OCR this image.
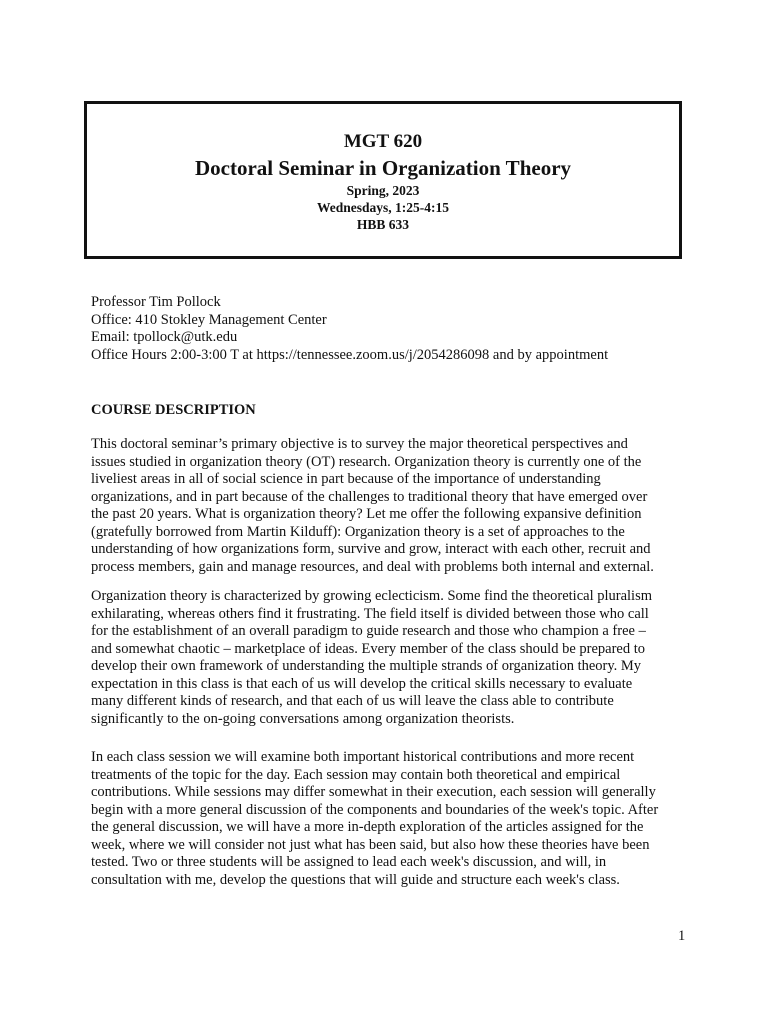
MGT 620
Doctoral Seminar in Organization Theory
Spring, 2023
Wednesdays, 1:25-4:15
HBB 633
Professor Tim Pollock
Office: 410 Stokley Management Center
Email: tpollock@utk.edu
Office Hours 2:00-3:00 T at https://tennessee.zoom.us/j/2054286098 and by appointment
COURSE DESCRIPTION
This doctoral seminar’s primary objective is to survey the major theoretical perspectives and
issues studied in organization theory (OT) research. Organization theory is currently one of the
liveliest areas in all of social science in part because of the importance of understanding
organizations, and in part because of the challenges to traditional theory that have emerged over
the past 20 years. What is organization theory? Let me offer the following expansive definition
(gratefully borrowed from Martin Kilduff): Organization theory is a set of approaches to the
understanding of how organizations form, survive and grow, interact with each other, recruit and
process members, gain and manage resources, and deal with problems both internal and external.
Organization theory is characterized by growing eclecticism. Some find the theoretical pluralism
exhilarating, whereas others find it frustrating. The field itself is divided between those who call
for the establishment of an overall paradigm to guide research and those who champion a free –
and somewhat chaotic – marketplace of ideas. Every member of the class should be prepared to
develop their own framework of understanding the multiple strands of organization theory. My
expectation in this class is that each of us will develop the critical skills necessary to evaluate
many different kinds of research, and that each of us will leave the class able to contribute
significantly to the on-going conversations among organization theorists.
In each class session we will examine both important historical contributions and more recent
treatments of the topic for the day. Each session may contain both theoretical and empirical
contributions. While sessions may differ somewhat in their execution, each session will generally
begin with a more general discussion of the components and boundaries of the week's topic. After
the general discussion, we will have a more in-depth exploration of the articles assigned for the
week, where we will consider not just what has been said, but also how these theories have been
tested. Two or three students will be assigned to lead each week's discussion, and will, in
consultation with me, develop the questions that will guide and structure each week's class.
1
